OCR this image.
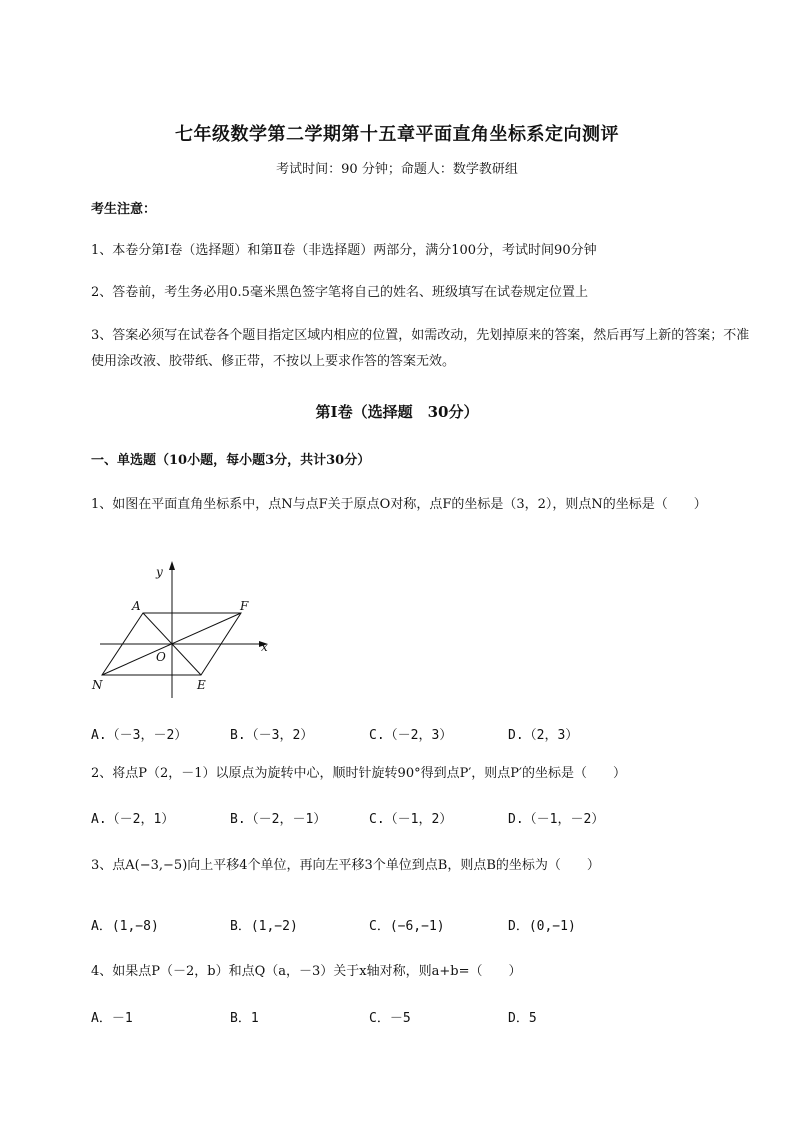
七年级数学第二学期第十五章平面直角坐标系定向测评
考试时间：90 分钟；命题人：数学教研组
考生注意：
1、本卷分第Ⅰ卷（选择题）和第Ⅱ卷（非选择题）两部分，满分100分，考试时间90分钟
2、答卷前，考生务必用0.5毫米黑色签字笔将自己的姓名、班级填写在试卷规定位置上
3、答案必须写在试卷各个题目指定区域内相应的位置，如需改动，先划掉原来的答案，然后再写上新的答案；不准使用涂改液、胶带纸、修正带，不按以上要求作答的答案无效。
第Ⅰ卷（选择题　30分）
一、单选题（10小题，每小题3分，共计30分）
1、如图在平面直角坐标系中，点N与点F关于原点O对称，点F的坐标是（3，2），则点N的坐标是（　　）
y
x
A	F
O
N	E
A.（－3，－2）	B.（－3，2）	C.（－2，3）	D.（2，3）
2、将点P（2，－1）以原点为旋转中心，顺时针旋转90°得到点P′，则点P′的坐标是（　　）
A.（－2，1）	B.（－2，－1）	C.（－1，2）	D.（－1，－2）
3、点A(−3,−5)向上平移4个单位，再向左平移3个单位到点B，则点B的坐标为（　　）
A．(1,−8)	B．(1,−2)	C．(−6,−1)	D．(0,−1)
4、如果点P（－2，b）和点Q（a，－3）关于x轴对称，则a+b=（　　）
A．－1	B．1	C．－5	D．5
